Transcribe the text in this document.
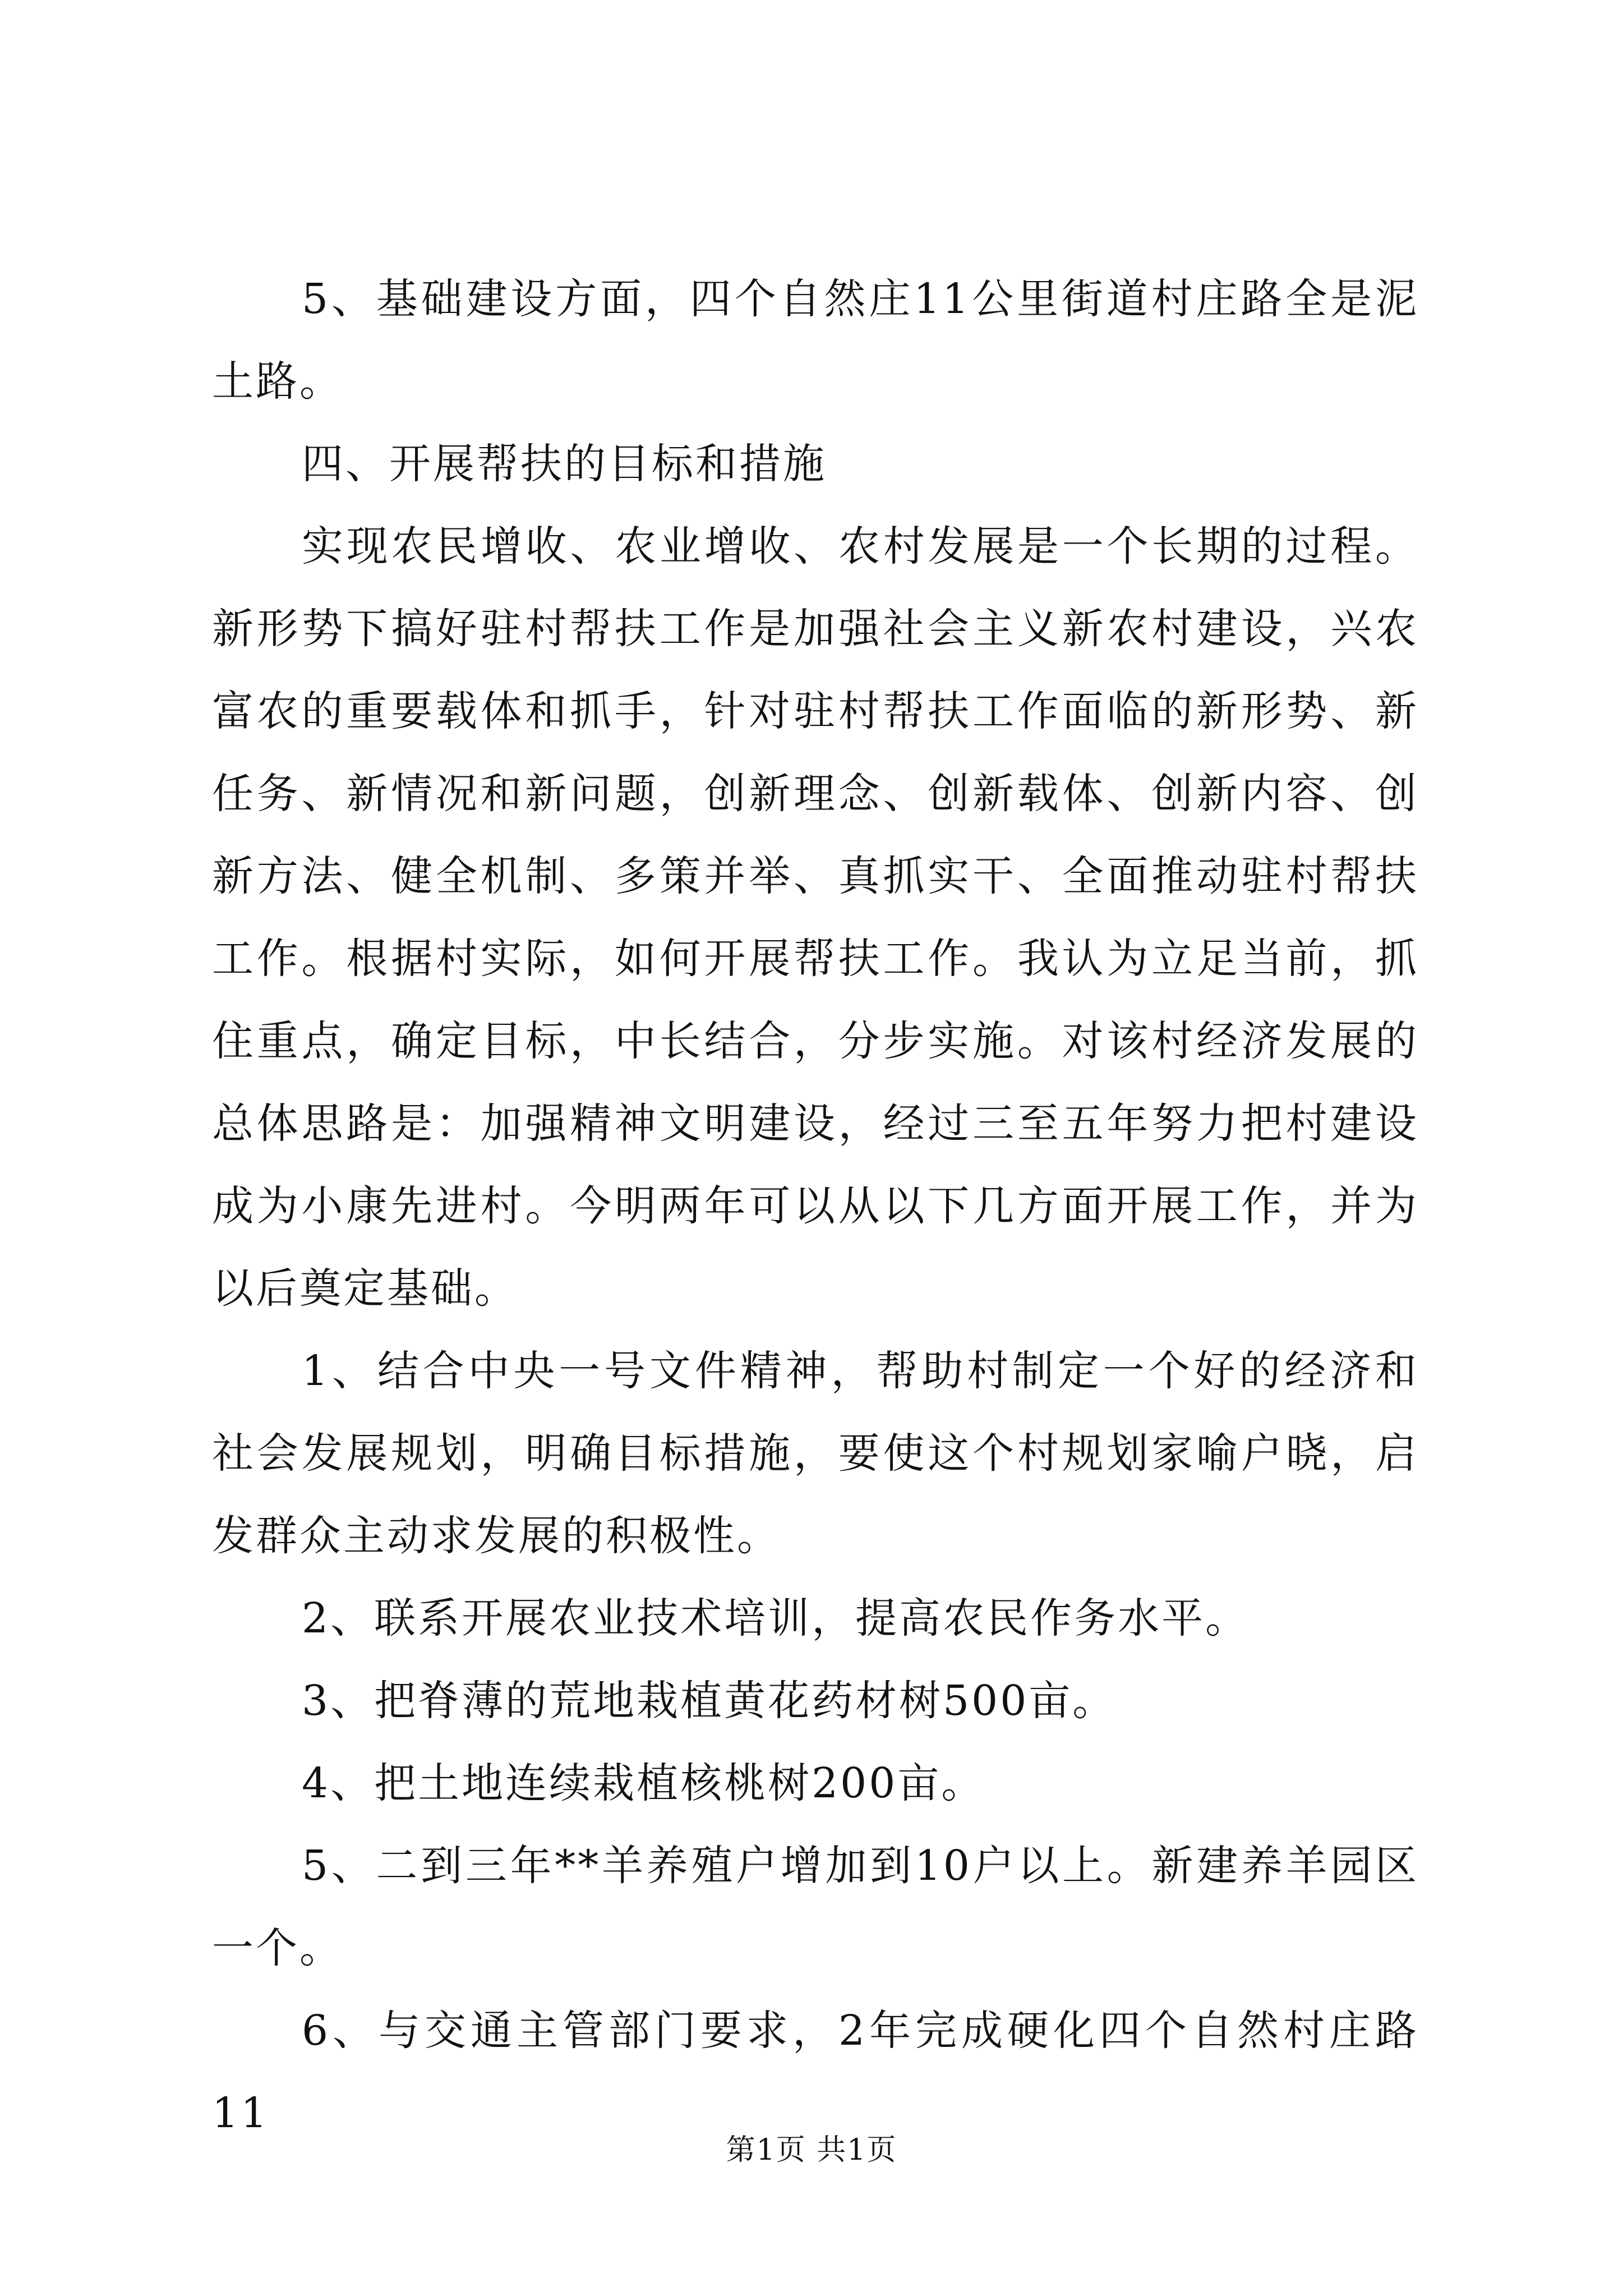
5、基础建设方面，四个自然庄11公里街道村庄路全是泥土路。

四、开展帮扶的目标和措施

实现农民增收、农业增收、农村发展是一个长期的过程。新形势下搞好驻村帮扶工作是加强社会主义新农村建设，兴农富农的重要载体和抓手，针对驻村帮扶工作面临的新形势、新任务、新情况和新问题，创新理念、创新载体、创新内容、创新方法、健全机制、多策并举、真抓实干、全面推动驻村帮扶工作。根据村实际，如何开展帮扶工作。我认为立足当前，抓住重点，确定目标，中长结合，分步实施。对该村经济发展的总体思路是：加强精神文明建设，经过三至五年努力把村建设成为小康先进村。今明两年可以从以下几方面开展工作，并为以后奠定基础。

1、结合中央一号文件精神，帮助村制定一个好的经济和社会发展规划，明确目标措施，要使这个村规划家喻户晓，启发群众主动求发展的积极性。

2、联系开展农业技术培训，提高农民作务水平。

3、把脊薄的荒地栽植黄花药材树500亩。

4、把土地连续栽植核桃树200亩。

5、二到三年**羊养殖户增加到10户以上。新建养羊园区一个。

6、与交通主管部门要求，2年完成硬化四个自然村庄路11

第1页 共1页
